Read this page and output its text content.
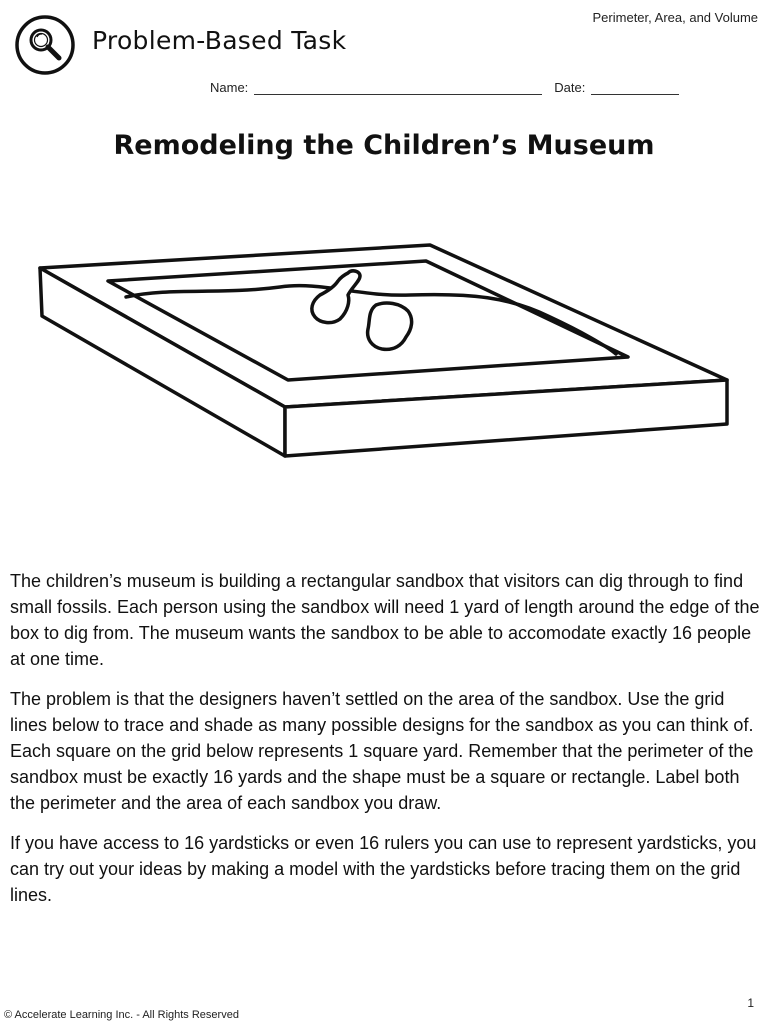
Perimeter, Area, and Volume
Problem-Based Task
Name:	Date:
Remodeling the Children’s Museum

The children’s museum is building a rectangular sandbox that visitors can dig through to find small fossils. Each person using the sandbox will need 1 yard of length around the edge of the box to dig from. The museum wants the sandbox to be able to accomodate exactly 16 people at one time.

The problem is that the designers haven’t settled on the area of the sandbox. Use the grid lines below to trace and shade as many possible designs for the sandbox as you can think of. Each square on the grid below represents 1 square yard. Remember that the perimeter of the sandbox must be exactly 16 yards and the shape must be a square or rectangle. Label both the perimeter and the area of each sandbox you draw.

If you have access to 16 yardsticks or even 16 rulers you can use to represent yardsticks, you can try out your ideas by making a model with the yardsticks before tracing them on the grid lines.

© Accelerate Learning Inc. - All Rights Reserved
1
